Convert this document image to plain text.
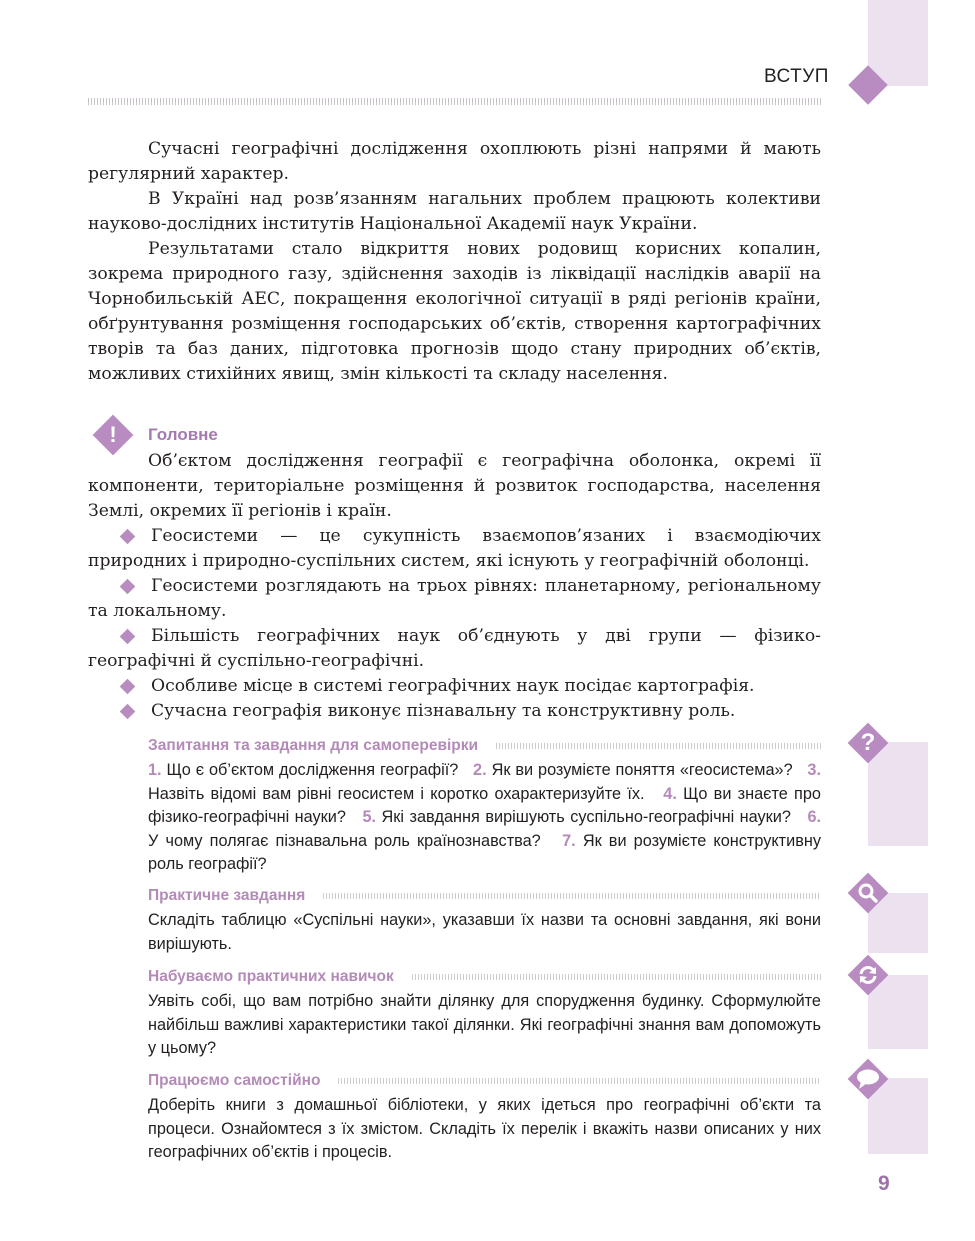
ВСТУП
Сучасні географічні дослідження охоплюють різні напрями й мають регулярний характер.
В Україні над розв’язанням нагальних проблем працюють колективи науково-дослідних інститутів Національної Академії наук України.
Результатами стало відкриття нових родовищ корисних копалин, зокрема природного газу, здійснення заходів із ліквідації наслідків аварії на Чорнобильській АЕС, покращення екологічної ситуації в ряді регіонів країни, обґрунтування розміщення господарських об’єктів, створення картографічних творів та баз даних, підготовка прогнозів щодо стану природних об’єктів, можливих стихійних явищ, змін кількості та складу населення.
! Головне
Об’єктом дослідження географії є географічна оболонка, окремі її компоненти, територіальне розміщення й розвиток господарства, населення Землі, окремих її регіонів і країн.
Геосистеми — це сукупність взаємопов’язаних і взаємодіючих природних і природно-суспільних систем, які існують у географічній оболонці.
Геосистеми розглядають на трьох рівнях: планетарному, регіональному та локальному.
Більшість географічних наук об’єднують у дві групи — фізико-географічні й суспільно-географічні.
Особливе місце в системі географічних наук посідає картографія.
Сучасна географія виконує пізнавальну та конструктивну роль.
?
Запитання та завдання для самоперевірки
1. Що є об’єктом дослідження географії? 2. Як ви розумієте поняття «геосистема»? 3. Назвіть відомі вам рівні геосистем і коротко охарактеризуйте їх. 4. Що ви знаєте про фізико-географічні науки? 5. Які завдання вирішують суспільно-географічні науки? 6. У чому полягає пізнавальна роль країнознавства? 7. Як ви розумієте конструктивну роль географії?
Практичне завдання
Складіть таблицю «Суспільні науки», указавши їх назви та основні завдання, які вони вирішують.
Набуваємо практичних навичок
Уявіть собі, що вам потрібно знайти ділянку для спорудження будинку. Сформулюйте найбільш важливі характеристики такої ділянки. Які географічні знання вам допоможуть у цьому?
Працюємо самостійно
Доберіть книги з домашньої бібліотеки, у яких ідеться про географічні об’єкти та процеси. Ознайомтеся з їх змістом. Складіть їх перелік і вкажіть назви описаних у них географічних об’єктів і процесів.
9
